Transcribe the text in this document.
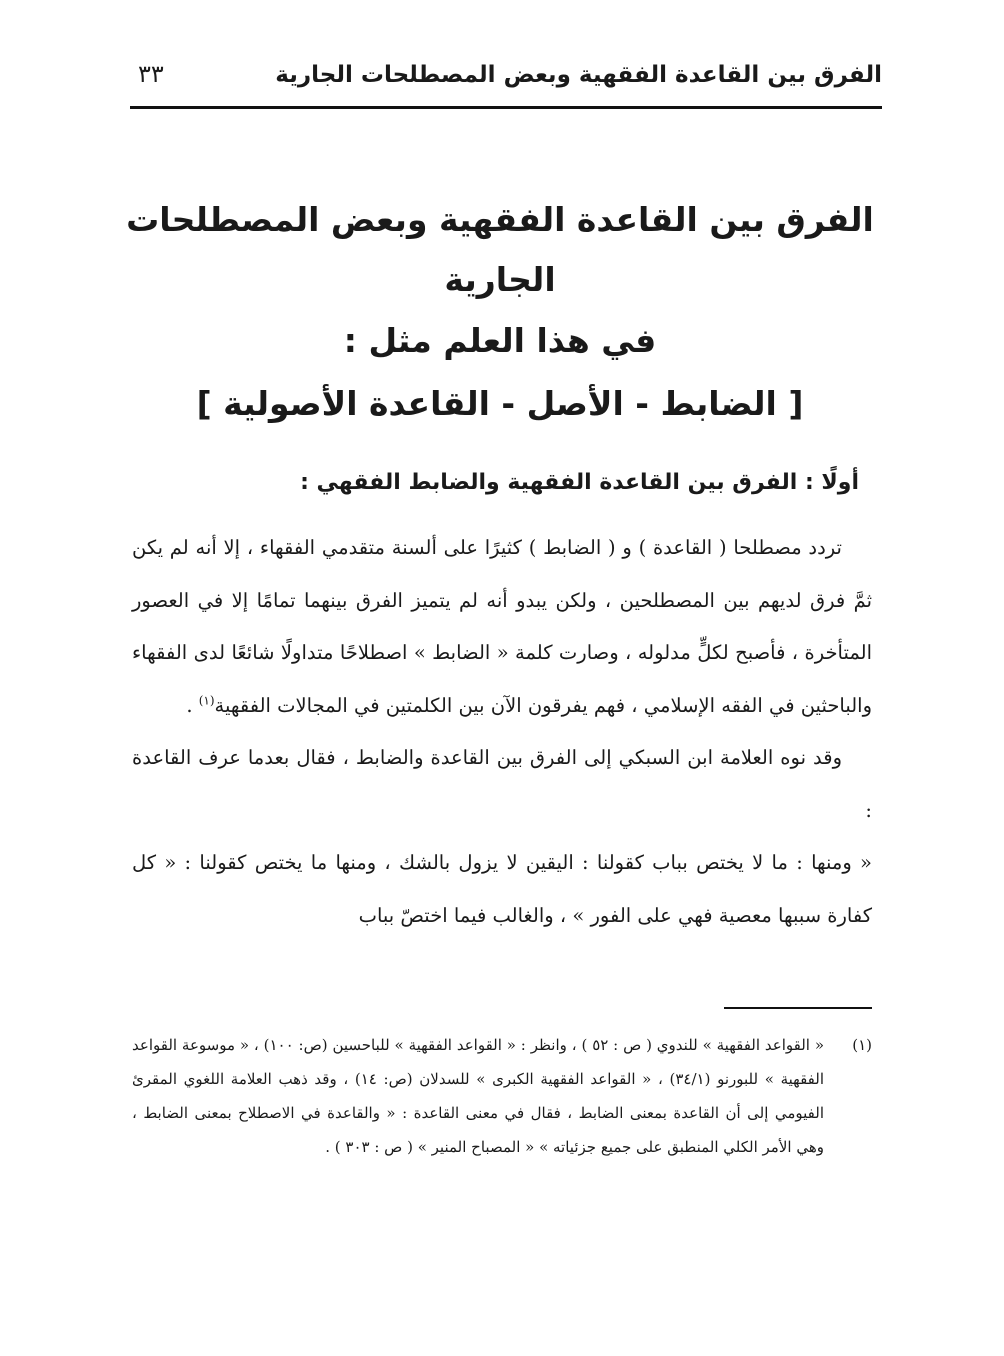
الفرق بين القاعدة الفقهية وبعض المصطلحات الجارية
٣٣
الفرق بين القاعدة الفقهية وبعض المصطلحات
الجارية
في هذا العلم مثل :
[ الضابط - الأصل - القاعدة الأصولية ]
أولًا : الفرق بين القاعدة الفقهية والضابط الفقهي :

تردد مصطلحا ( القاعدة ) و ( الضابط ) كثيرًا على ألسنة متقدمي الفقهاء ، إلا أنه لم يكن ثمَّ فرق لديهم بين المصطلحين ، ولكن يبدو أنه لم يتميز الفرق بينهما تمامًا إلا في العصور المتأخرة ، فأصبح لكلٍّ مدلوله ، وصارت كلمة « الضابط » اصطلاحًا متداولًا شائعًا لدى الفقهاء والباحثين في الفقه الإسلامي ، فهم يفرقون الآن بين الكلمتين في المجالات الفقهية$^{(١)}$ .

وقد نوه العلامة ابن السبكي إلى الفرق بين القاعدة والضابط ، فقال بعدما عرف القاعدة :

« ومنها : ما لا يختص بباب كقولنا : اليقين لا يزول بالشك ، ومنها ما يختص كقولنا : « كل كفارة سببها معصية فهي على الفور » ، والغالب فيما اختصّ بباب

(١)
« القواعد الفقهية » للندوي ( ص : ٥٢ ) ، وانظر : « القواعد الفقهية » للباحسين (ص: ١٠٠) ، « موسوعة القواعد الفقهية » للبورنو (٣٤/١) ، « القواعد الفقهية الكبرى » للسدلان (ص: ١٤) ، وقد ذهب العلامة اللغوي المقرئ الفيومي إلى أن القاعدة بمعنى الضابط ، فقال في معنى القاعدة : « والقاعدة في الاصطلاح بمعنى الضابط ، وهي الأمر الكلي المنطبق على جميع جزئياته » « المصباح المنير » ( ص : ٣٠٣ ) .
